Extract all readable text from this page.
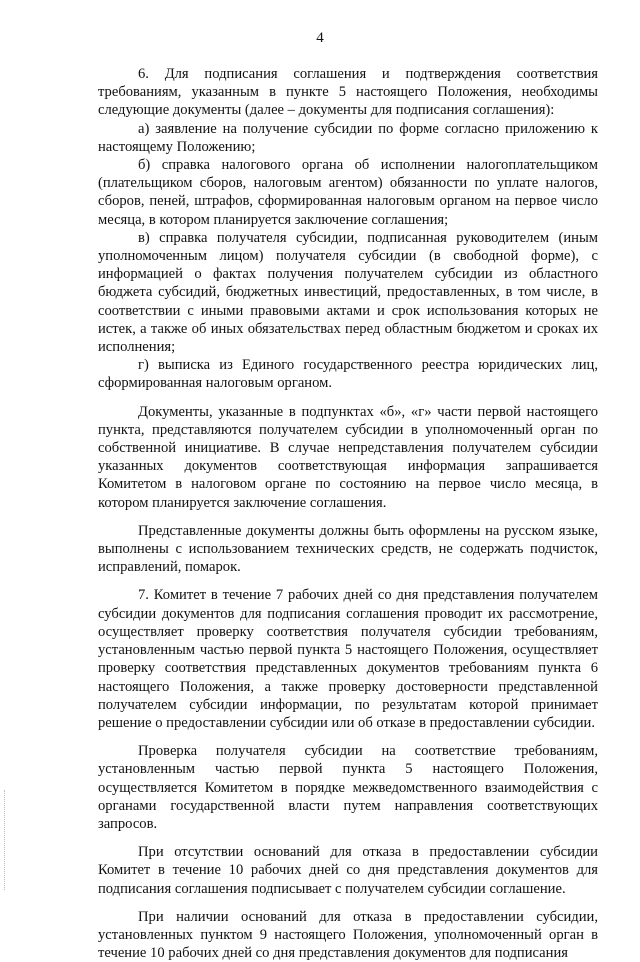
4

6. Для подписания соглашения и подтверждения соответствия требованиям, указанным в пункте 5 настоящего Положения, необходимы следующие документы (далее – документы для подписания соглашения):

а) заявление на получение субсидии по форме согласно приложению к настоящему Положению;

б) справка налогового органа об исполнении налогоплательщиком (плательщиком сборов, налоговым агентом) обязанности по уплате налогов, сборов, пеней, штрафов, сформированная налоговым органом на первое число месяца, в котором планируется заключение соглашения;

в) справка получателя субсидии, подписанная руководителем (иным уполномоченным лицом) получателя субсидии (в свободной форме), с информацией о фактах получения получателем субсидии из областного бюджета субсидий, бюджетных инвестиций, предоставленных, в том числе, в соответствии с иными правовыми актами и срок использования которых не истек, а также об иных обязательствах перед областным бюджетом и сроках их исполнения;

г) выписка из Единого государственного реестра юридических лиц, сформированная налоговым органом.

Документы, указанные в подпунктах «б», «г» части первой настоящего пункта, представляются получателем субсидии в уполномоченный орган по собственной инициативе. В случае непредставления получателем субсидии указанных документов соответствующая информация запрашивается Комитетом в налоговом органе по состоянию на первое число месяца, в котором планируется заключение соглашения.

Представленные документы должны быть оформлены на русском языке, выполнены с использованием технических средств, не содержать подчисток, исправлений, помарок.

7. Комитет в течение 7 рабочих дней со дня представления получателем субсидии документов для подписания соглашения проводит их рассмотрение, осуществляет проверку соответствия получателя субсидии требованиям, установленным частью первой пункта 5 настоящего Положения, осуществляет проверку соответствия представленных документов требованиям пункта 6 настоящего Положения, а также проверку достоверности представленной получателем субсидии информации, по результатам которой принимает решение о предоставлении субсидии или об отказе в предоставлении субсидии.

Проверка получателя субсидии на соответствие требованиям, установленным частью первой пункта 5 настоящего Положения, осуществляется Комитетом в порядке межведомственного взаимодействия с органами государственной власти путем направления соответствующих запросов.

При отсутствии оснований для отказа в предоставлении субсидии Комитет в течение 10 рабочих дней со дня представления документов для подписания соглашения подписывает с получателем субсидии соглашение.

При наличии оснований для отказа в предоставлении субсидии, установленных пунктом 9 настоящего Положения, уполномоченный орган в течение 10 рабочих дней со дня представления документов для подписания
